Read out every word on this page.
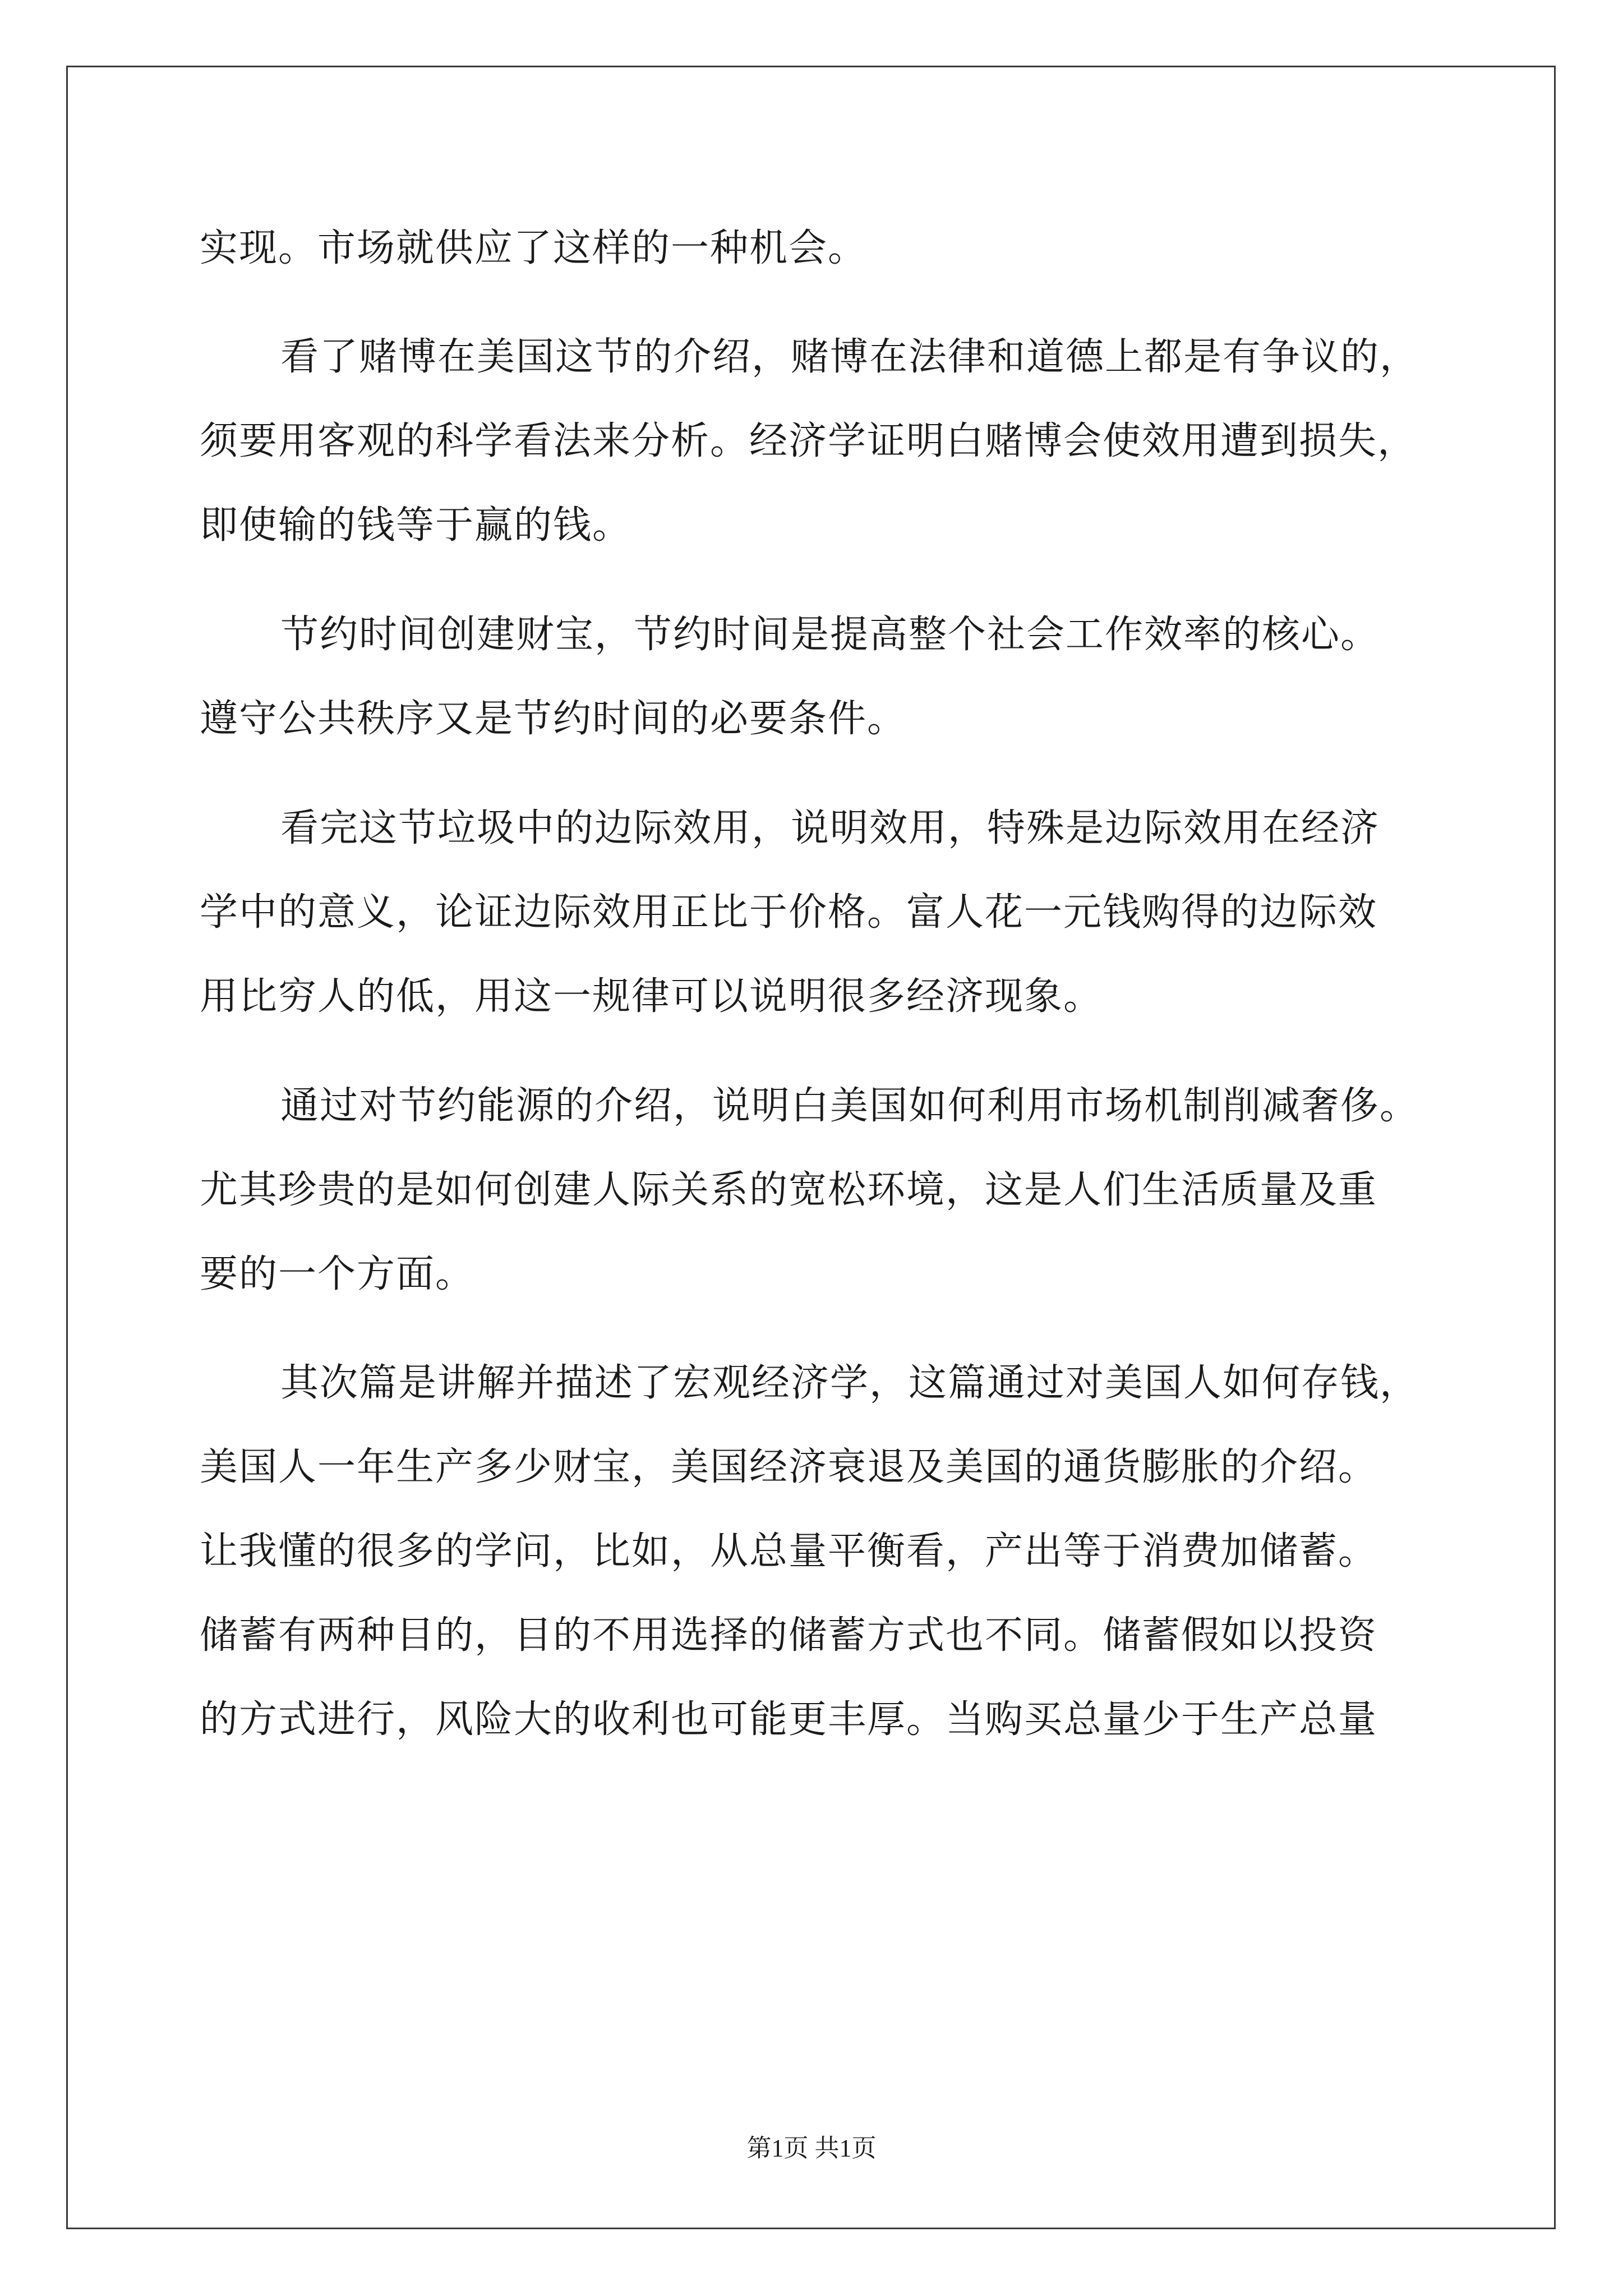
实现。市场就供应了这样的一种机会。

看了赌博在美国这节的介绍，赌博在法律和道德上都是有争议的，

须要用客观的科学看法来分析。经济学证明白赌博会使效用遭到损失，

即使输的钱等于赢的钱。

节约时间创建财宝，节约时间是提高整个社会工作效率的核心。

遵守公共秩序又是节约时间的必要条件。

看完这节垃圾中的边际效用，说明效用，特殊是边际效用在经济

学中的意义，论证边际效用正比于价格。富人花一元钱购得的边际效

用比穷人的低，用这一规律可以说明很多经济现象。

通过对节约能源的介绍，说明白美国如何利用市场机制削减奢侈。

尤其珍贵的是如何创建人际关系的宽松环境，这是人们生活质量及重

要的一个方面。

其次篇是讲解并描述了宏观经济学，这篇通过对美国人如何存钱，

美国人一年生产多少财宝，美国经济衰退及美国的通货膨胀的介绍。

让我懂的很多的学问，比如，从总量平衡看，产出等于消费加储蓄。

储蓄有两种目的，目的不用选择的储蓄方式也不同。储蓄假如以投资

的方式进行，风险大的收利也可能更丰厚。当购买总量少于生产总量

第1页 共1页
